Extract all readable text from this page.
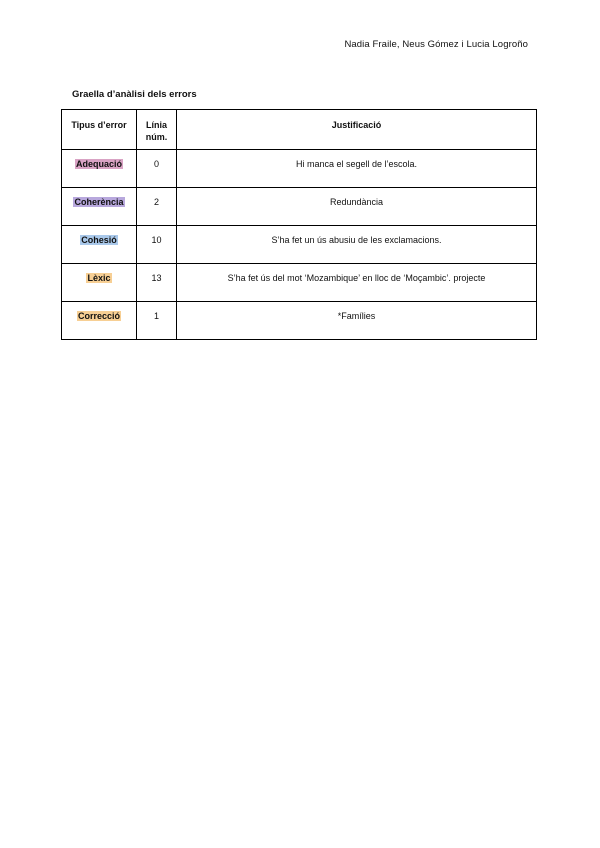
Nadia Fraile, Neus Gómez i Lucia Logroño
Graella d’anàlisi dels errors
Tipus d’error	Línia núm.	Justificació
Adequació	0	Hi manca el segell de l’escola.
Coherència	2	Redundància
Cohesió	10	S’ha fet un ús abusiu de les exclamacions.
Lèxic	13	S’ha fet ús del mot ‘Mozambique’ en lloc de ‘Moçambic’. projecte
Correcció	1	*Famílies
